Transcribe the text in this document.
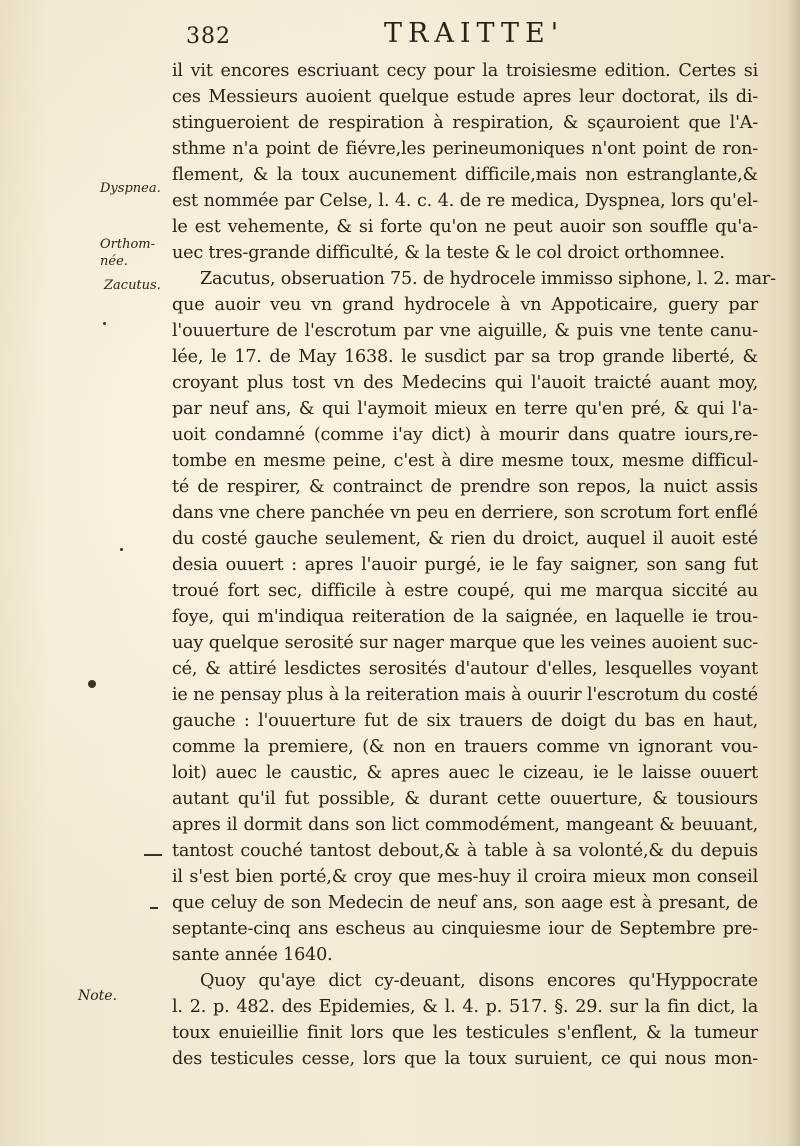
382	TRAITTE'
Dyspnea.
Orthom-
née.
Zacutus.
Note.
il vit encores escriuant cecy pour la troisiesme edition. Certes si
ces Messieurs auoient quelque estude apres leur doctorat, ils di-
stingueroient de respiration à respiration, & sçauroient que l'A-
sthme n'a point de fiévre,les perineumoniques n'ont point de ron-
flement, & la toux aucunement difficile,mais non estranglante,&
est nommée par Celse, l. 4. c. 4. de re medica, Dyspnea, lors qu'el-
le est vehemente, & si forte qu'on ne peut auoir son souffle qu'a-
uec tres-grande difficulté, & la teste & le col droict orthomnee.
Zacutus, obseruation 75. de hydrocele immisso siphone, l. 2. mar-
que auoir veu vn grand hydrocele à vn Appoticaire, guery par
l'ouuerture de l'escrotum par vne aiguille, & puis vne tente canu-
lée, le 17. de May 1638. le susdict par sa trop grande liberté, &
croyant plus tost vn des Medecins qui l'auoit traicté auant moy,
par neuf ans, & qui l'aymoit mieux en terre qu'en pré, & qui l'a-
uoit condamné (comme i'ay dict) à mourir dans quatre iours,re-
tombe en mesme peine, c'est à dire mesme toux, mesme difficul-
té de respirer, & contrainct de prendre son repos, la nuict assis
dans vne chere panchée vn peu en derriere, son scrotum fort enflé
du costé gauche seulement, & rien du droict, auquel il auoit esté
desia ouuert : apres l'auoir purgé, ie le fay saigner, son sang fut
troué fort sec, difficile à estre coupé, qui me marqua siccité au
foye, qui m'indiqua reiteration de la saignée, en laquelle ie trou-
uay quelque serosité sur nager marque que les veines auoient suc-
cé, & attiré lesdictes serosités d'autour d'elles, lesquelles voyant
ie ne pensay plus à la reiteration mais à ouurir l'escrotum du costé
gauche : l'ouuerture fut de six trauers de doigt du bas en haut,
comme la premiere, (& non en trauers comme vn ignorant vou-
loit) auec le caustic, & apres auec le cizeau, ie le laisse ouuert
autant qu'il fut possible, & durant cette ouuerture, & tousiours
apres il dormit dans son lict commodément, mangeant & beuuant,
tantost couché tantost debout,& à table à sa volonté,& du depuis
il s'est bien porté,& croy que mes-huy il croira mieux mon conseil
que celuy de son Medecin de neuf ans, son aage est à presant, de
septante-cinq ans escheus au cinquiesme iour de Septembre pre-
sante année 1640.
Quoy qu'aye dict cy-deuant, disons encores qu'Hyppocrate
l. 2. p. 482. des Epidemies, & l. 4. p. 517. §. 29. sur la fin dict, la
toux enuieillie finit lors que les testicules s'enflent, & la tumeur
des testicules cesse, lors que la toux suruient, ce qui nous mon-
